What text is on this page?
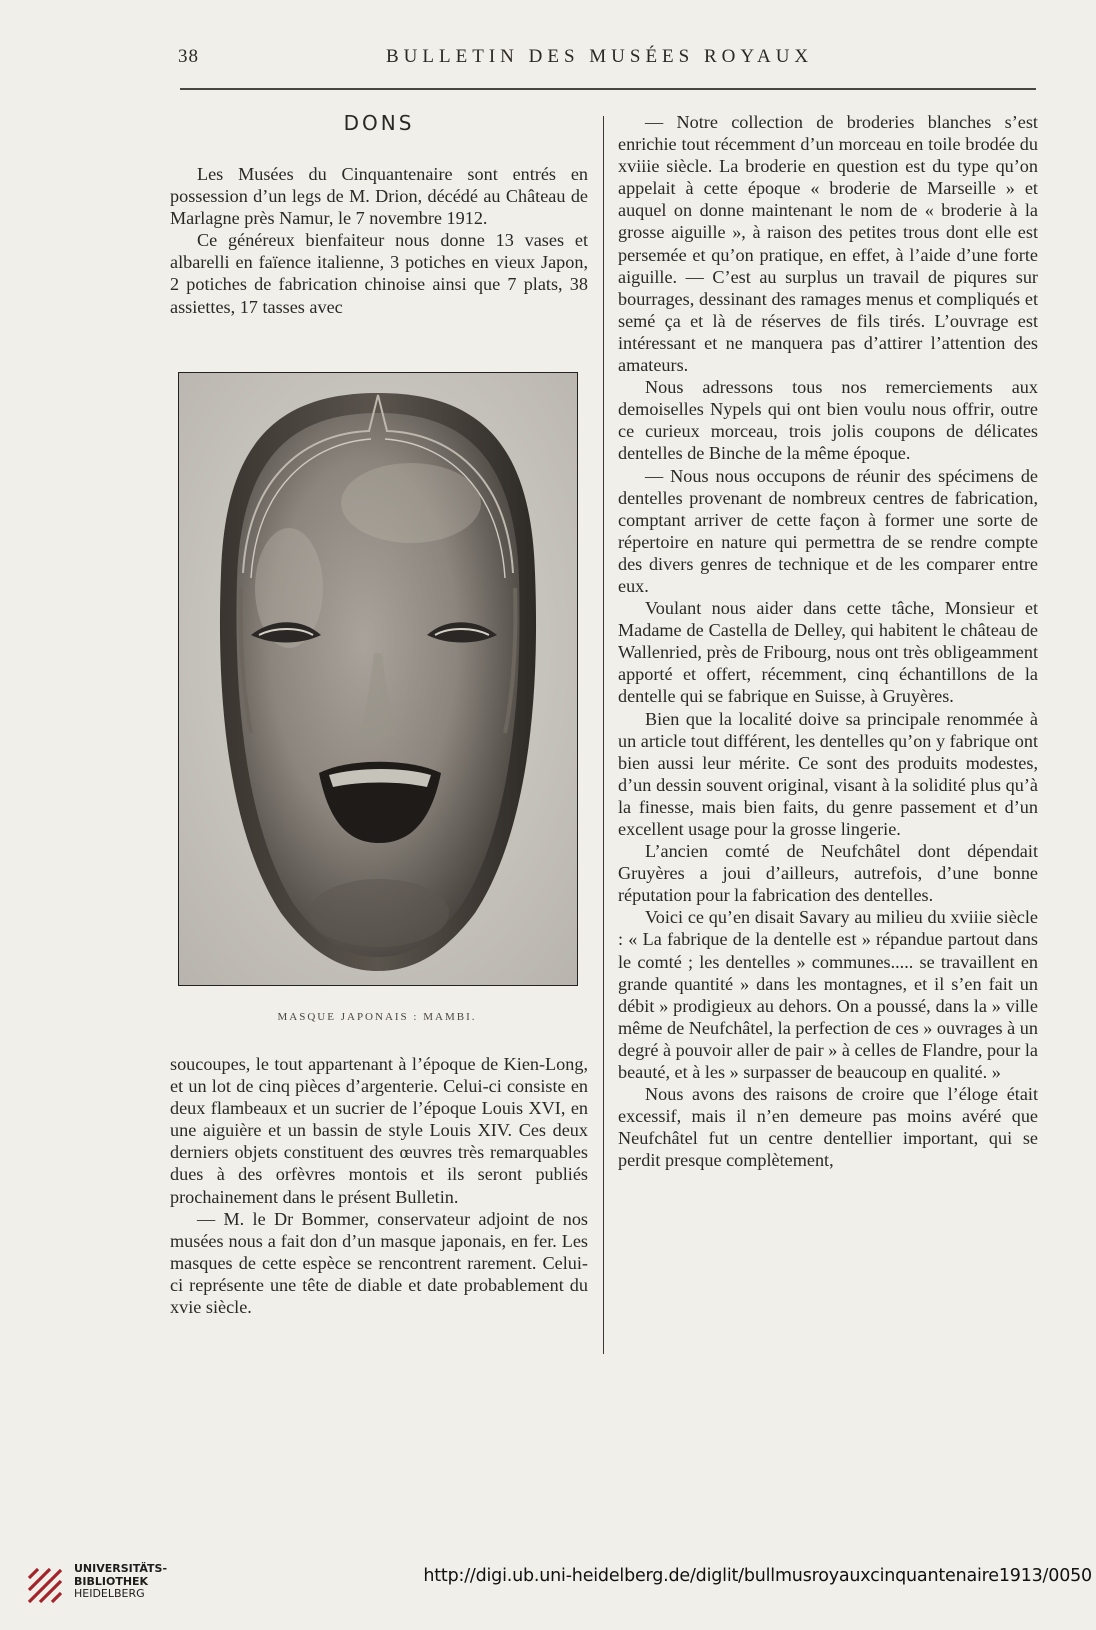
38	BULLETIN DES MUSÉES ROYAUX
DONS

Les Musées du Cinquantenaire sont entrés en possession d’un legs de M. Drion, décédé au Château de Marlagne près Namur, le 7 novembre 1912.

Ce généreux bienfaiteur nous donne 13 vases et albarelli en faïence italienne, 3 potiches en vieux Japon, 2 potiches de fabrication chinoise ainsi que 7 plats, 38 assiettes, 17 tasses avec

MASQUE JAPONAIS : MAMBI.

soucoupes, le tout appartenant à l’époque de Kien-Long, et un lot de cinq pièces d’argenterie. Celui-ci consiste en deux flambeaux et un sucrier de l’époque Louis XVI, en une aiguière et un bassin de style Louis XIV. Ces deux derniers objets constituent des œuvres très remarquables dues à des orfèvres montois et ils seront publiés prochainement dans le présent Bulletin.

— M. le Dr Bommer, conservateur adjoint de nos musées nous a fait don d’un masque japonais, en fer. Les masques de cette espèce se rencontrent rarement. Celui-ci représente une tête de diable et date probablement du xvie siècle.

— Notre collection de broderies blanches s’est enrichie tout récemment d’un morceau en toile brodée du xviiie siècle. La broderie en question est du type qu’on appelait à cette époque « broderie de Marseille » et auquel on donne maintenant le nom de « broderie à la grosse aiguille », à raison des petites trous dont elle est persemée et qu’on pratique, en effet, à l’aide d’une forte aiguille. — C’est au surplus un travail de piqures sur bourrages, dessinant des ramages menus et compliqués et semé ça et là de réserves de fils tirés. L’ouvrage est intéressant et ne manquera pas d’attirer l’attention des amateurs.

Nous adressons tous nos remerciements aux demoiselles Nypels qui ont bien voulu nous offrir, outre ce curieux morceau, trois jolis coupons de délicates dentelles de Binche de la même époque.

— Nous nous occupons de réunir des spécimens de dentelles provenant de nombreux centres de fabrication, comptant arriver de cette façon à former une sorte de répertoire en nature qui permettra de se rendre compte des divers genres de technique et de les comparer entre eux.

Voulant nous aider dans cette tâche, Monsieur et Madame de Castella de Delley, qui habitent le château de Wallenried, près de Fribourg, nous ont très obligeamment apporté et offert, récemment, cinq échantillons de la dentelle qui se fabrique en Suisse, à Gruyères.

Bien que la localité doive sa principale renommée à un article tout différent, les dentelles qu’on y fabrique ont bien aussi leur mérite. Ce sont des produits modestes, d’un dessin souvent original, visant à la solidité plus qu’à la finesse, mais bien faits, du genre passement et d’un excellent usage pour la grosse lingerie.

L’ancien comté de Neufchâtel dont dépendait Gruyères a joui d’ailleurs, autrefois, d’une bonne réputation pour la fabrication des dentelles.

Voici ce qu’en disait Savary au milieu du xviiie siècle : « La fabrique de la dentelle est » répandue partout dans le comté ; les dentelles » communes..... se travaillent en grande quantité » dans les montagnes, et il s’en fait un débit » prodigieux au dehors. On a poussé, dans la » ville même de Neufchâtel, la perfection de ces » ouvrages à un degré à pouvoir aller de pair » à celles de Flandre, pour la beauté, et à les » surpasser de beaucoup en qualité. »

Nous avons des raisons de croire que l’éloge était excessif, mais il n’en demeure pas moins avéré que Neufchâtel fut un centre dentellier important, qui se perdit presque complètement,

UNIVERSITÄTS-
BIBLIOTHEK
HEIDELBERG
http://digi.ub.uni-heidelberg.de/diglit/bullmusroyauxcinquantenaire1913/0050
